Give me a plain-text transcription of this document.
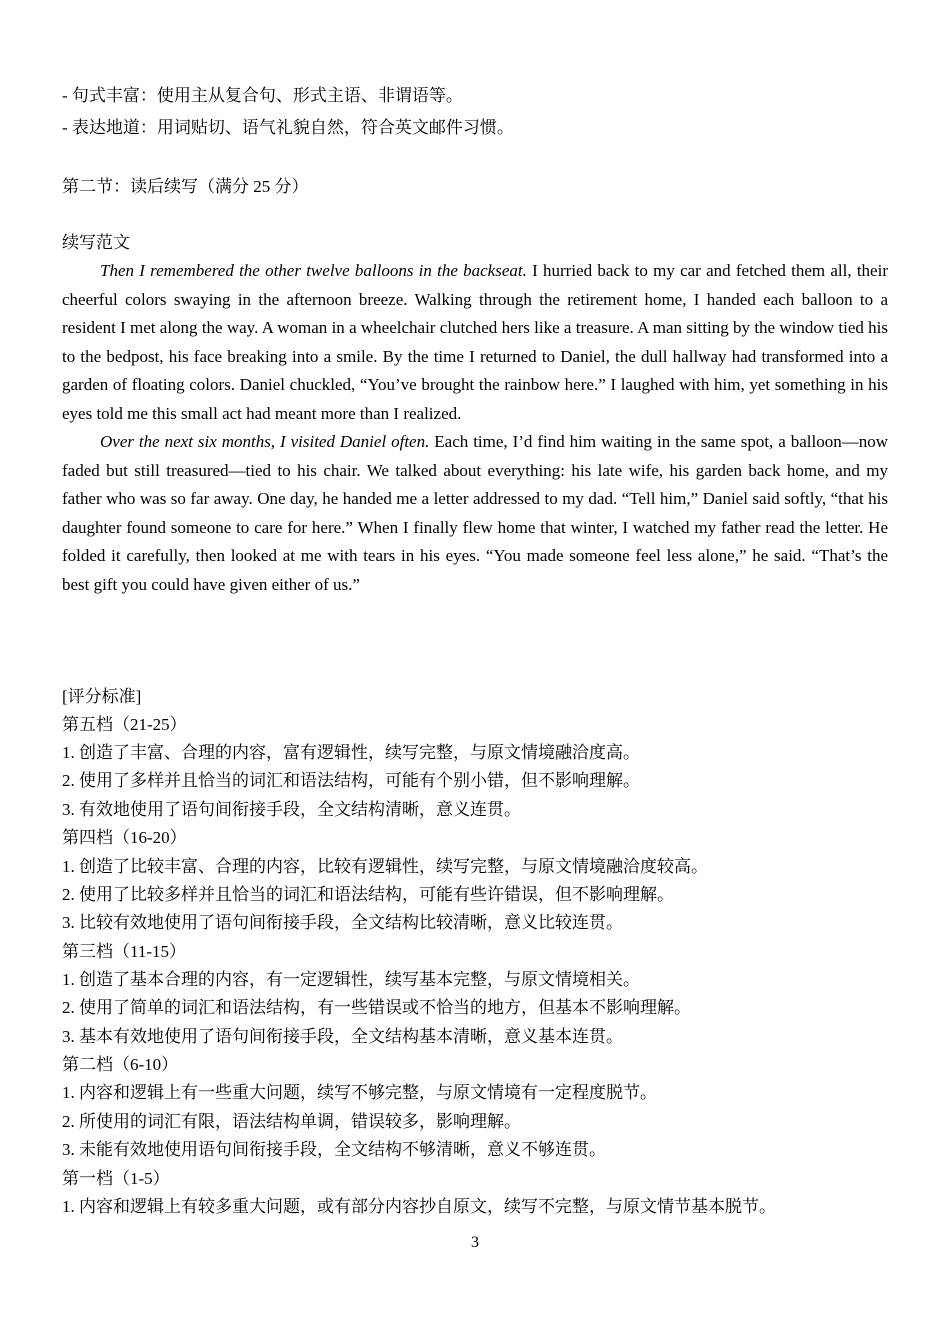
- 句式丰富：使用主从复合句、形式主语、非谓语等。
- 表达地道：用词贴切、语气礼貌自然，符合英文邮件习惯。
第二节：读后续写（满分 25 分）
续写范文

Then I remembered the other twelve balloons in the backseat. I hurried back to my car and fetched them all, their cheerful colors swaying in the afternoon breeze. Walking through the retirement home, I handed each balloon to a resident I met along the way. A woman in a wheelchair clutched hers like a treasure. A man sitting by the window tied his to the bedpost, his face breaking into a smile. By the time I returned to Daniel, the dull hallway had transformed into a garden of floating colors. Daniel chuckled, “You’ve brought the rainbow here.” I laughed with him, yet something in his eyes told me this small act had meant more than I realized.

Over the next six months, I visited Daniel often. Each time, I’d find him waiting in the same spot, a balloon—now faded but still treasured—tied to his chair. We talked about everything: his late wife, his garden back home, and my father who was so far away. One day, he handed me a letter addressed to my dad. “Tell him,” Daniel said softly, “that his daughter found someone to care for here.” When I finally flew home that winter, I watched my father read the letter. He folded it carefully, then looked at me with tears in his eyes. “You made someone feel less alone,” he said. “That’s the best gift you could have given either of us.”

[评分标准]
第五档（21-25）
1. 创造了丰富、合理的内容，富有逻辑性，续写完整，与原文情境融洽度高。
2. 使用了多样并且恰当的词汇和语法结构，可能有个别小错，但不影响理解。
3. 有效地使用了语句间衔接手段，全文结构清晰，意义连贯。
第四档（16-20）
1. 创造了比较丰富、合理的内容，比较有逻辑性，续写完整，与原文情境融洽度较高。
2. 使用了比较多样并且恰当的词汇和语法结构，可能有些许错误，但不影响理解。
3. 比较有效地使用了语句间衔接手段，全文结构比较清晰，意义比较连贯。
第三档（11-15）
1. 创造了基本合理的内容，有一定逻辑性，续写基本完整，与原文情境相关。
2. 使用了简单的词汇和语法结构，有一些错误或不恰当的地方，但基本不影响理解。
3. 基本有效地使用了语句间衔接手段，全文结构基本清晰，意义基本连贯。
第二档（6-10）
1. 内容和逻辑上有一些重大问题，续写不够完整，与原文情境有一定程度脱节。
2. 所使用的词汇有限，语法结构单调，错误较多，影响理解。
3. 未能有效地使用语句间衔接手段，全文结构不够清晰，意义不够连贯。
第一档（1-5）
1. 内容和逻辑上有较多重大问题，或有部分内容抄自原文，续写不完整，与原文情节基本脱节。
3
